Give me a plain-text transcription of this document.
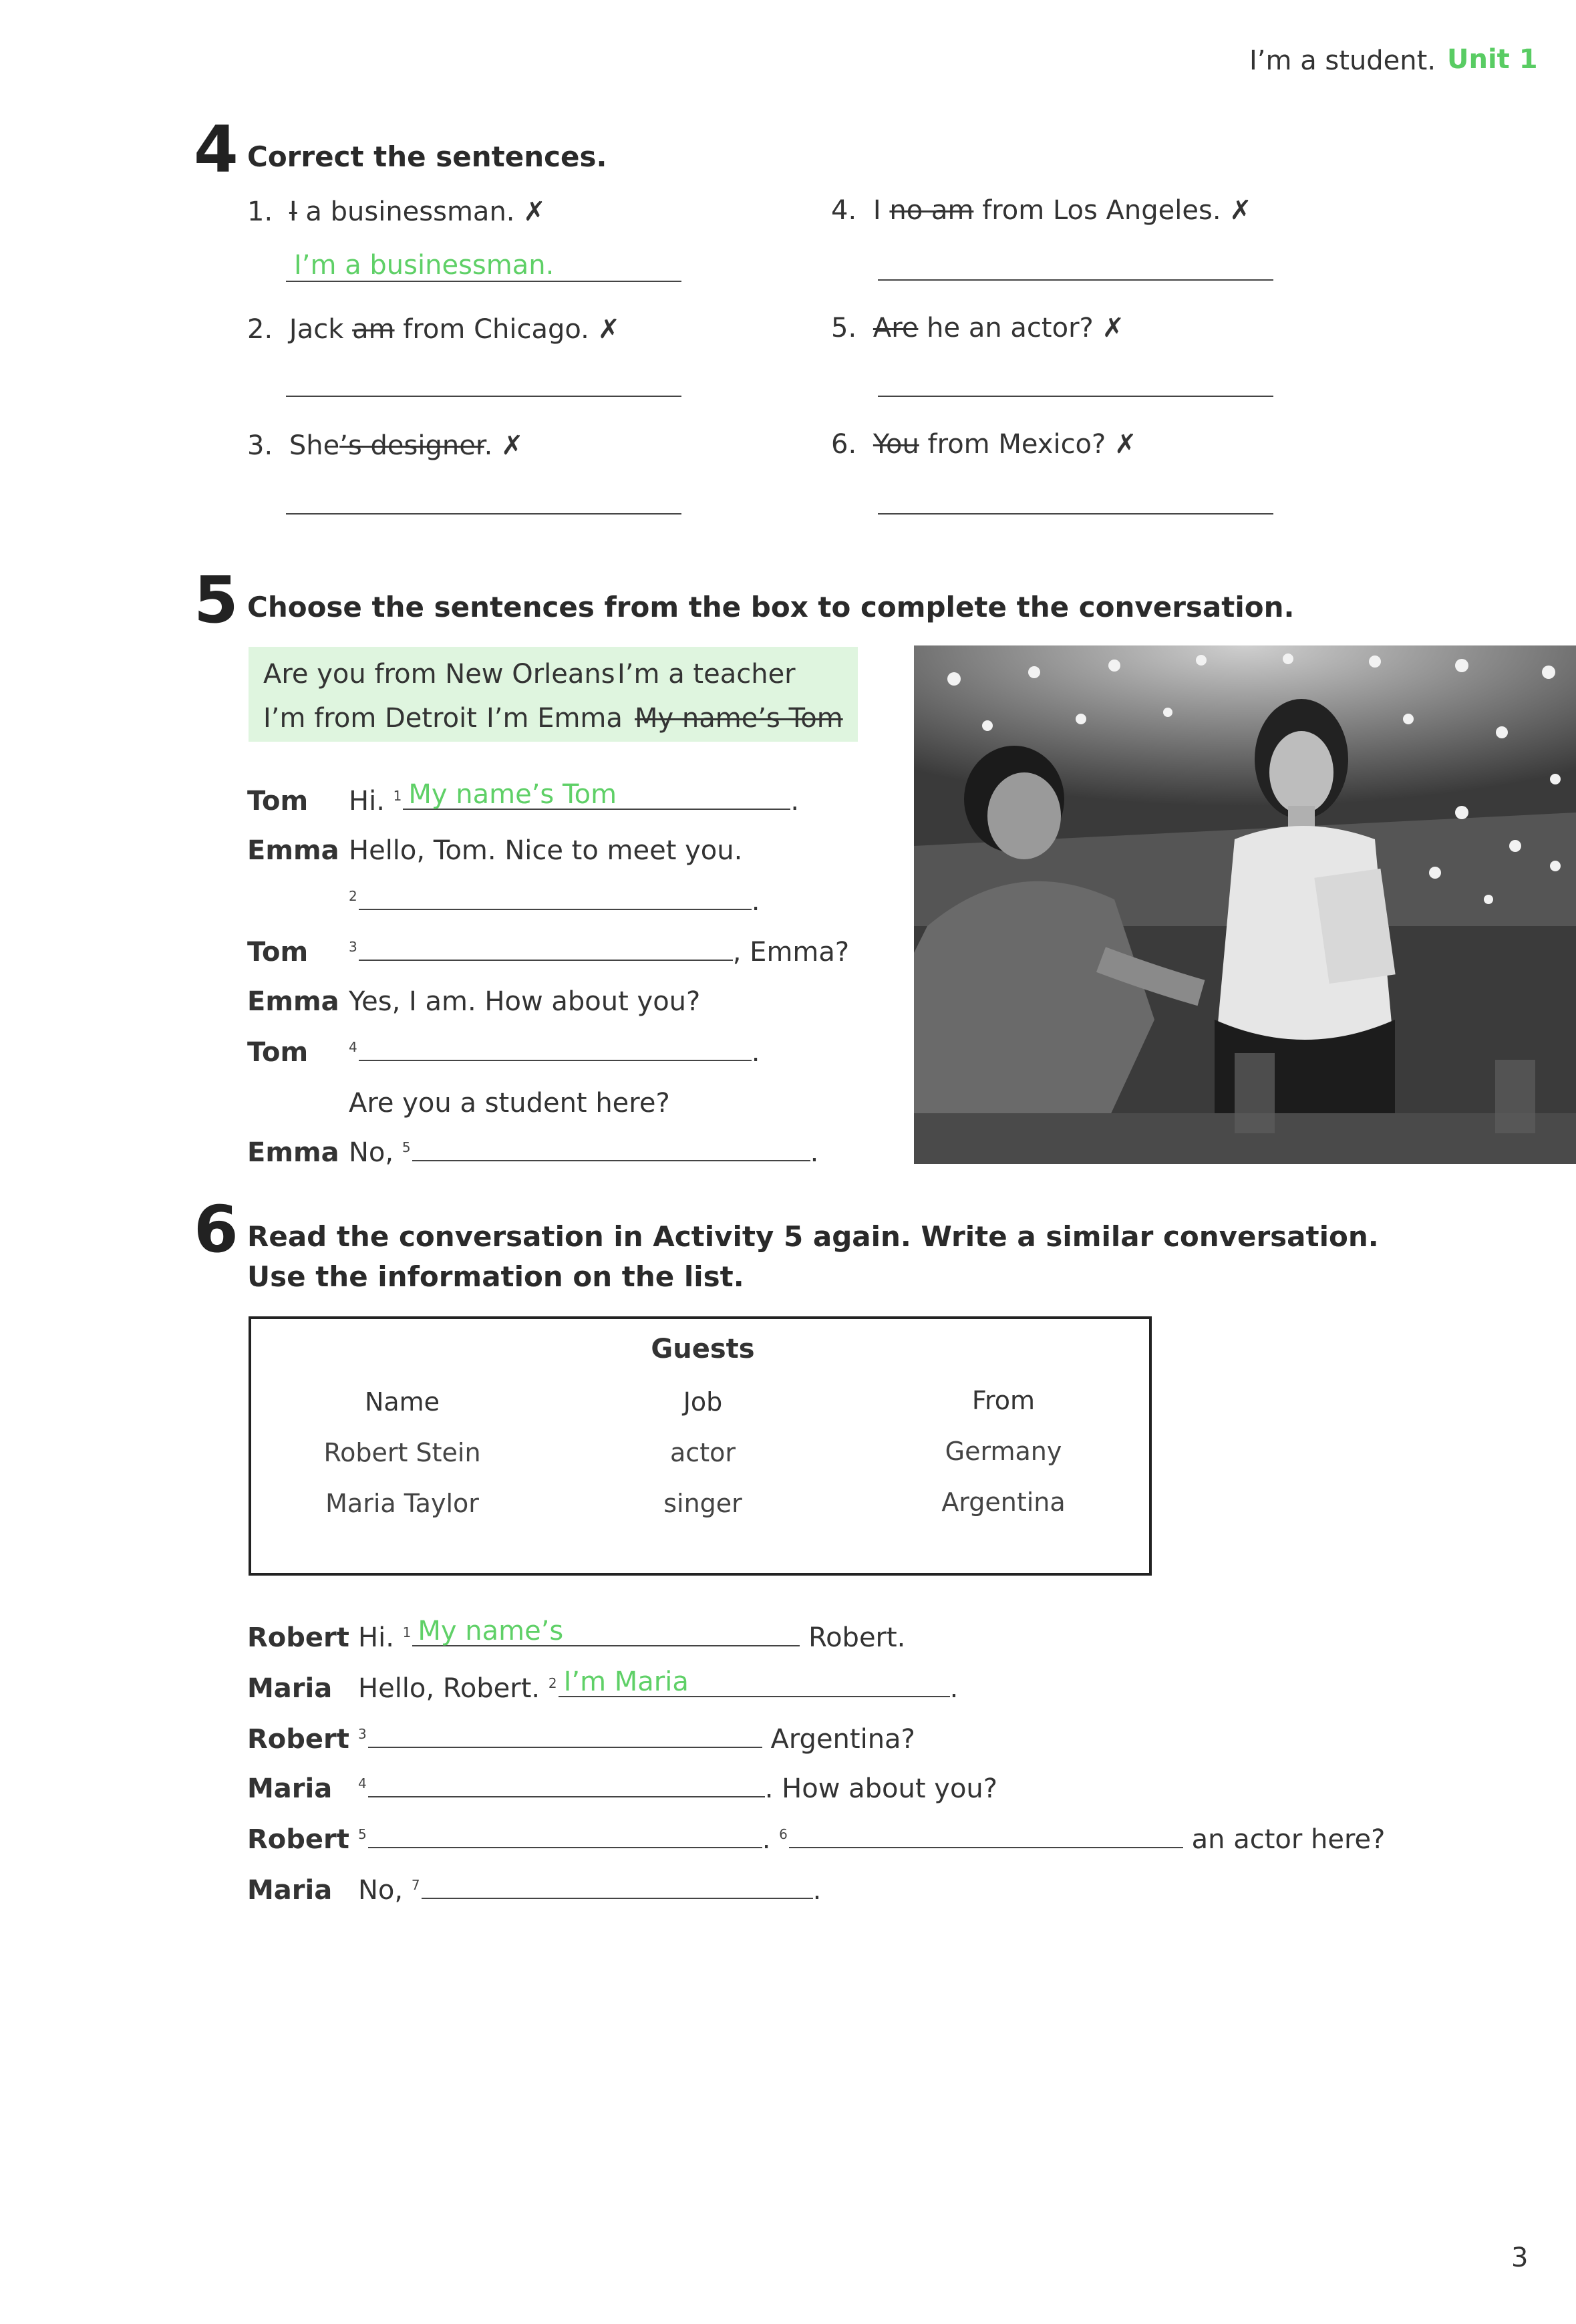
I’m a student. Unit 1
4 Correct the sentences.
1. I a businessman. ✗
I’m a businessman.
2. Jack am from Chicago. ✗
3. She’s designer. ✗
4. I no am from Los Angeles. ✗
5. Are he an actor? ✗
6. You from Mexico? ✗
5 Choose the sentences from the box to complete the conversation.
Are you from New Orleans I’m a teacher
I’m from Detroit I’m Emma My name’s Tom
Tom Hi. $^1$ My name’s Tom	.
Emma Hello, Tom. Nice to meet you.
$^2$	.
Tom	$^3$	, Emma?
Emma Yes, I am. How about you?
Tom	$^4$	.
Are you a student here?
Emma No, $^5$	.
6 Read the conversation in Activity 5 again. Write a similar conversation.
Use the information on the list.
Guests
Name	Job	From
Robert Stein	actor	Germany
Maria Taylor	singer	Argentina
Robert Hi. $^1$ My name’s	Robert.
Maria Hello, Robert. $^2$ I’m Maria	.
Robert $^3$	Argentina?
Maria $^4$	. How about you?
Robert $^5$	. $^6$	an actor here?
Maria No, $^7$	.
3
